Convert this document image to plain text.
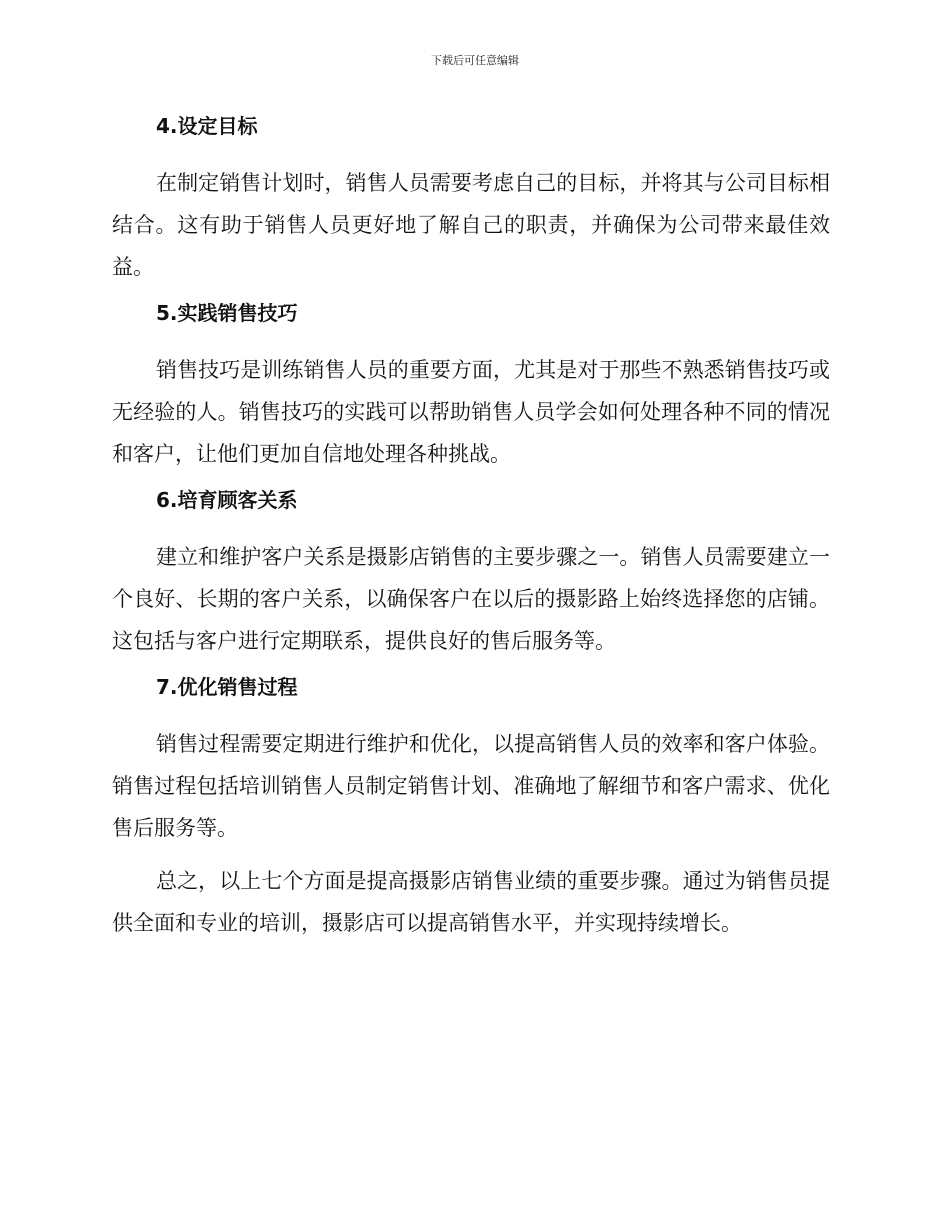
下载后可任意编辑
4.设定目标

在制定销售计划时，销售人员需要考虑自己的目标，并将其与公司目标相结合。这有助于销售人员更好地了解自己的职责，并确保为公司带来最佳效益。

5.实践销售技巧

销售技巧是训练销售人员的重要方面，尤其是对于那些不熟悉销售技巧或无经验的人。销售技巧的实践可以帮助销售人员学会如何处理各种不同的情况和客户，让他们更加自信地处理各种挑战。

6.培育顾客关系

建立和维护客户关系是摄影店销售的主要步骤之一。销售人员需要建立一个良好、长期的客户关系，以确保客户在以后的摄影路上始终选择您的店铺。这包括与客户进行定期联系，提供良好的售后服务等。

7.优化销售过程

销售过程需要定期进行维护和优化，以提高销售人员的效率和客户体验。销售过程包括培训销售人员制定销售计划、准确地了解细节和客户需求、优化售后服务等。

总之，以上七个方面是提高摄影店销售业绩的重要步骤。通过为销售员提供全面和专业的培训，摄影店可以提高销售水平，并实现持续增长。
